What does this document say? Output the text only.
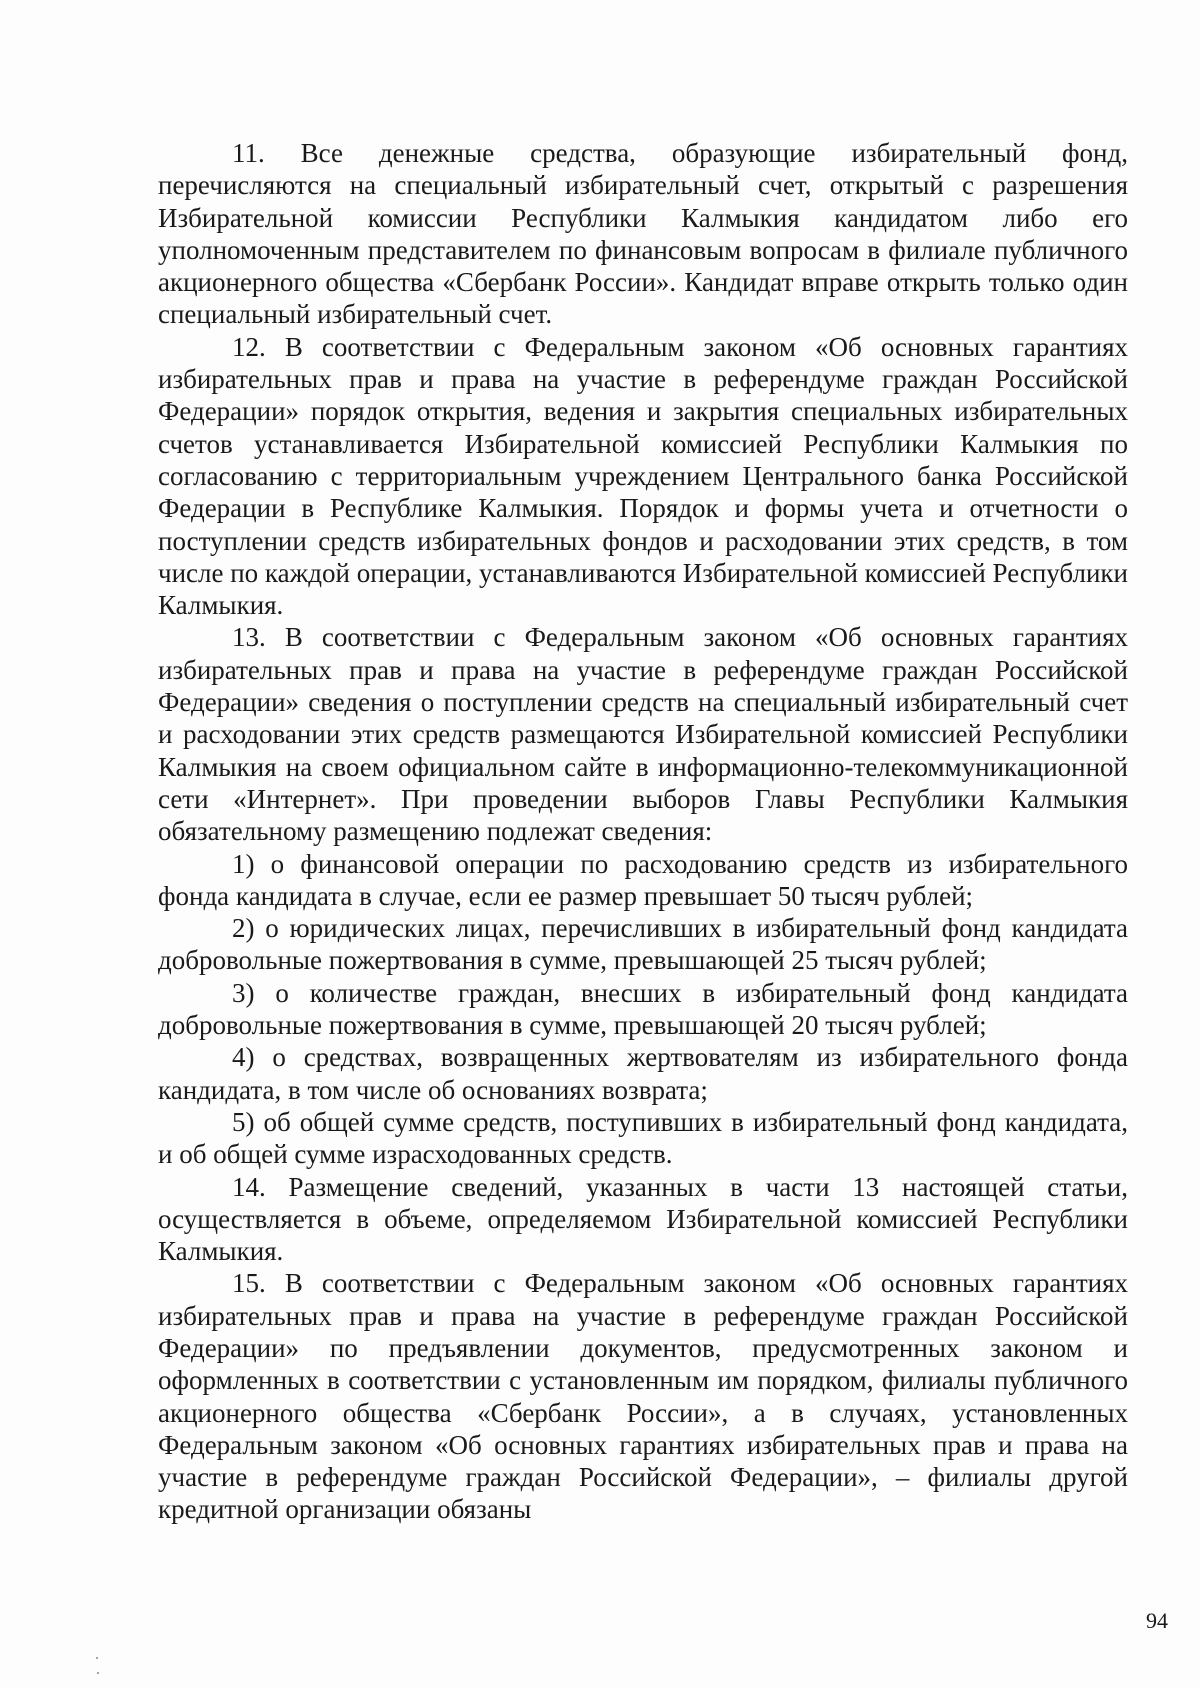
11. Все денежные средства, образующие избирательный фонд, перечисляются на специальный избирательный счет, открытый с разрешения Избирательной комиссии Республики Калмыкия кандидатом либо его уполномоченным представителем по финансовым вопросам в филиале публичного акционерного общества «Сбербанк России». Кандидат вправе открыть только один специальный избирательный счет.

12. В соответствии с Федеральным законом «Об основных гарантиях избирательных прав и права на участие в референдуме граждан Российской Федерации» порядок открытия, ведения и закрытия специальных избирательных счетов устанавливается Избирательной комиссией Республики Калмыкия по согласованию с территориальным учреждением Центрального банка Российской Федерации в Республике Калмыкия. Порядок и формы учета и отчетности о поступлении средств избирательных фондов и расходовании этих средств, в том числе по каждой операции, устанавливаются Избирательной комиссией Республики Калмыкия.

13. В соответствии с Федеральным законом «Об основных гарантиях избирательных прав и права на участие в референдуме граждан Российской Федерации» сведения о поступлении средств на специальный избирательный счет и расходовании этих средств размещаются Избирательной комиссией Республики Калмыкия на своем официальном сайте в информационно-телекоммуникационной сети «Интернет». При проведении выборов Главы Республики Калмыкия обязательному размещению подлежат сведения:

1) о финансовой операции по расходованию средств из избирательного фонда кандидата в случае, если ее размер превышает 50 тысяч рублей;

2) о юридических лицах, перечисливших в избирательный фонд кандидата добровольные пожертвования в сумме, превышающей 25 тысяч рублей;

3) о количестве граждан, внесших в избирательный фонд кандидата добровольные пожертвования в сумме, превышающей 20 тысяч рублей;

4) о средствах, возвращенных жертвователям из избирательного фонда кандидата, в том числе об основаниях возврата;

5) об общей сумме средств, поступивших в избирательный фонд кандидата, и об общей сумме израсходованных средств.

14. Размещение сведений, указанных в части 13 настоящей статьи, осуществляется в объеме, определяемом Избирательной комиссией Республики Калмыкия.

15. В соответствии с Федеральным законом «Об основных гарантиях избирательных прав и права на участие в референдуме граждан Российской Федерации» по предъявлении документов, предусмотренных законом и оформленных в соответствии с установленным им порядком, филиалы публичного акционерного общества «Сбербанк России», а в случаях, установленных Федеральным законом «Об основных гарантиях избирательных прав и права на участие в референдуме граждан Российской Федерации», – филиалы другой кредитной организации обязаны

94
